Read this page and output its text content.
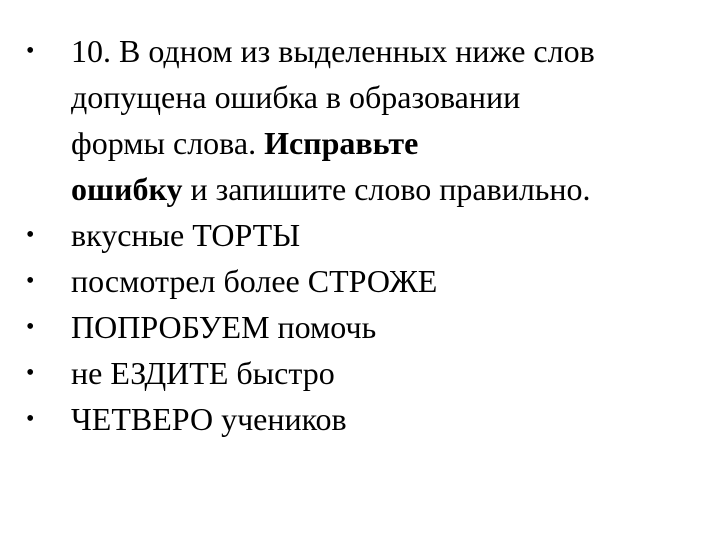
•	10. В одном из выделенных ниже слов
допущена ошибка в образовании
формы слова. Исправьте
ошибку и запишите слово правильно.
•	вкусные ТОРТЫ
•	посмотрел более СТРОЖЕ
•	ПОПРОБУЕМ помочь
•	не ЕЗДИТЕ быстро
•	ЧЕТВЕРО учеников
